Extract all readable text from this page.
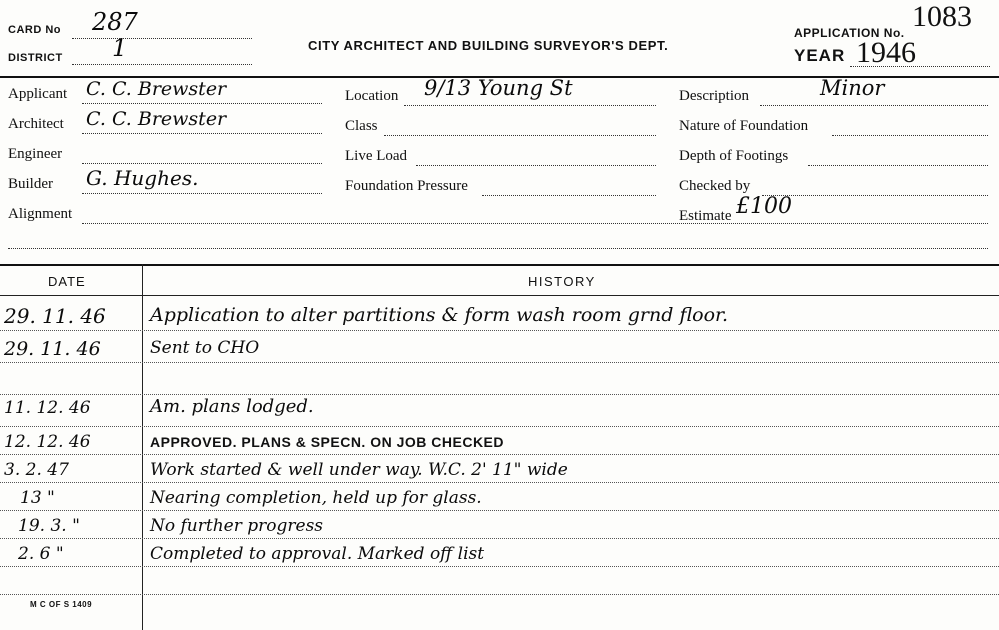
CARD No 287
DISTRICT 1	CITY ARCHITECT AND BUILDING SURVEYOR'S DEPT.
APPLICATION No. 1083
YEAR 1946
Applicant C. C. Brewster
Architect C. C. Brewster
Engineer
Builder G. Hughes.
Alignment
Location 9/13 Young St
Class
Live Load
Foundation Pressure
Description	Minor
Nature of Foundation
Depth of Footings
Checked by
Estimate £100
DATE	HISTORY
29. 11. 46	Application to alter partitions & form wash room grnd floor.
29. 11. 46	Sent to CHO
11. 12. 46	Am. plans lodged.
12. 12. 46	APPROVED. PLANS & SPECN. ON JOB CHECKED
3. 2. 47	Work started & well under way. W.C. 2' 11" wide
13 "	Nearing completion, held up for glass.
19. 3. "	No further progress
2. 6 "	Completed to approval. Marked off list
M C OF S 1409
